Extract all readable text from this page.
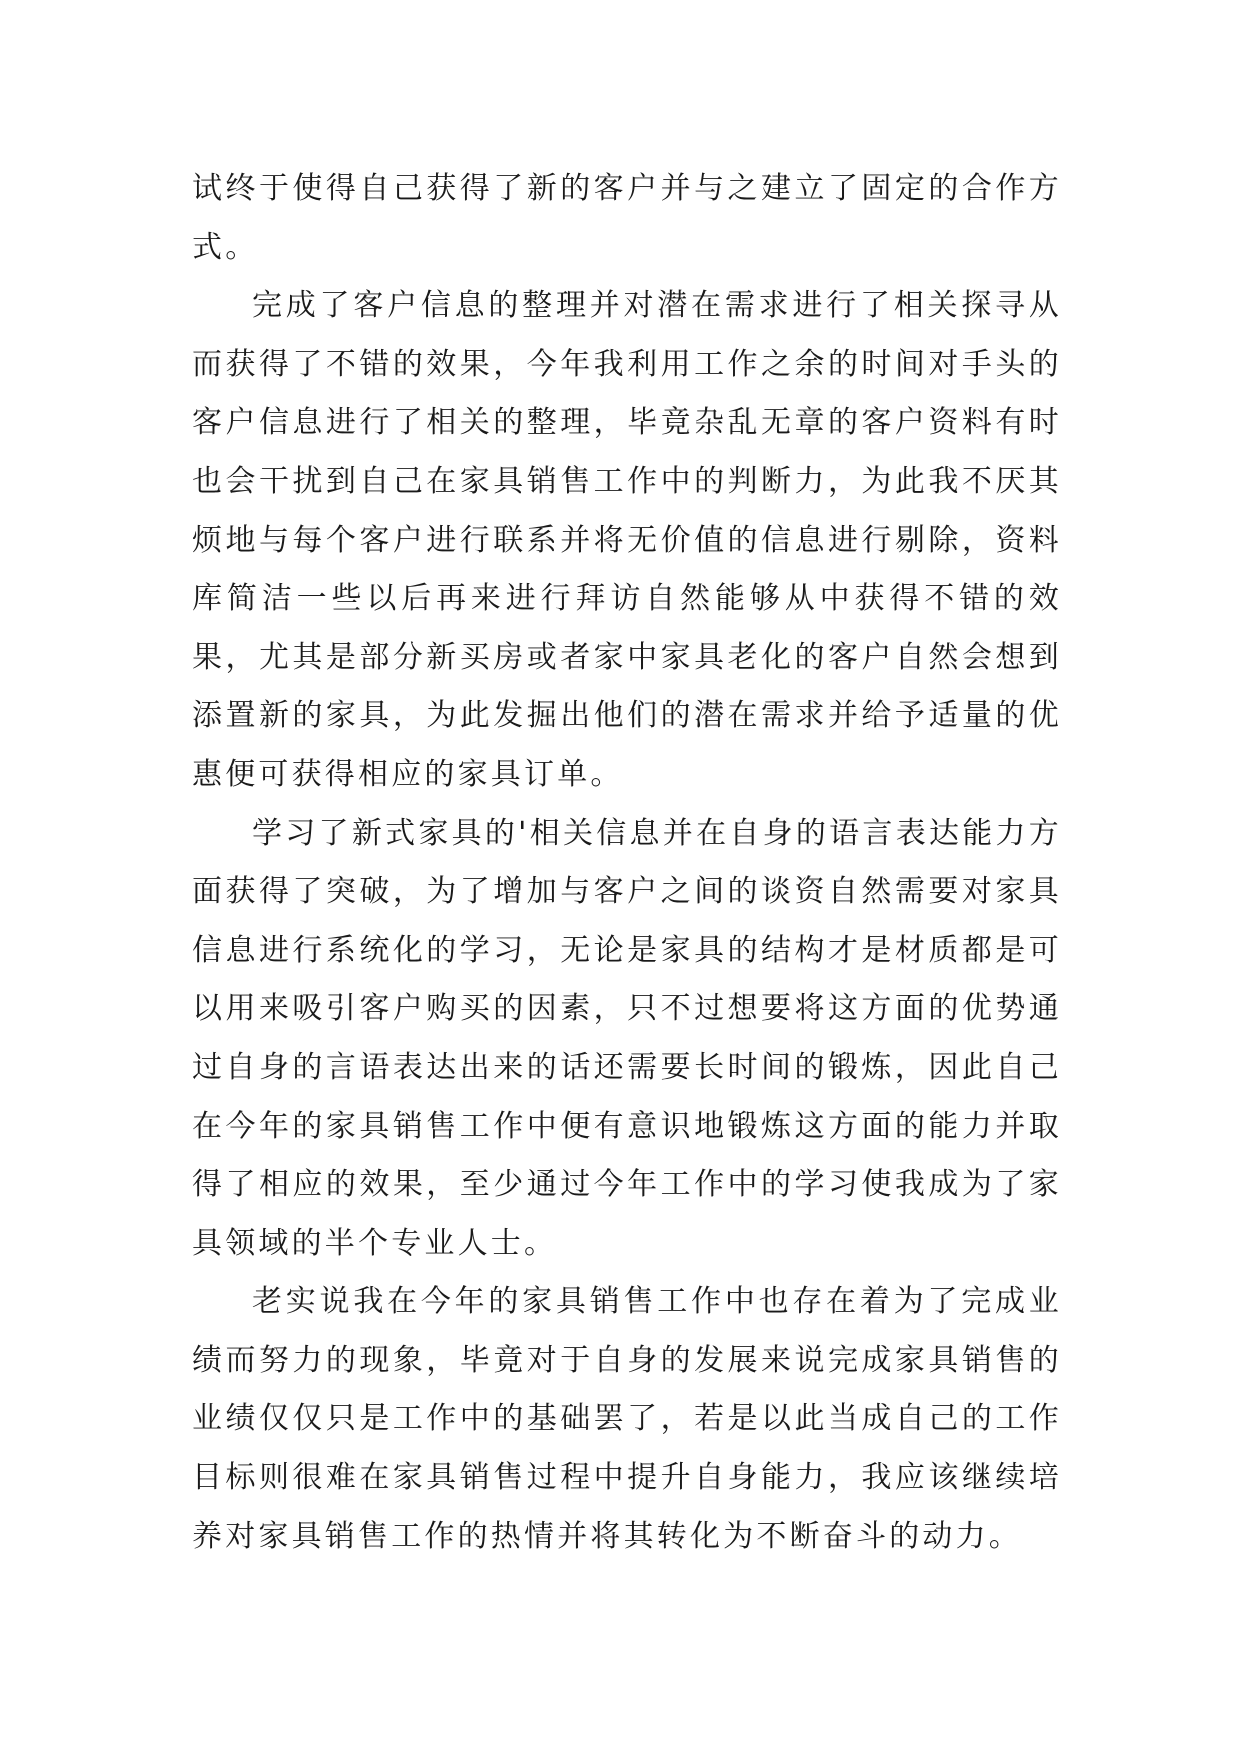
试终于使得自己获得了新的客户并与之建立了固定的合作方式。

完成了客户信息的整理并对潜在需求进行了相关探寻从而获得了不错的效果，今年我利用工作之余的时间对手头的客户信息进行了相关的整理，毕竟杂乱无章的客户资料有时也会干扰到自己在家具销售工作中的判断力，为此我不厌其烦地与每个客户进行联系并将无价值的信息进行剔除，资料库简洁一些以后再来进行拜访自然能够从中获得不错的效果，尤其是部分新买房或者家中家具老化的客户自然会想到添置新的家具，为此发掘出他们的潜在需求并给予适量的优惠便可获得相应的家具订单。

学习了新式家具的'相关信息并在自身的语言表达能力方面获得了突破，为了增加与客户之间的谈资自然需要对家具信息进行系统化的学习，无论是家具的结构才是材质都是可以用来吸引客户购买的因素，只不过想要将这方面的优势通过自身的言语表达出来的话还需要长时间的锻炼，因此自己在今年的家具销售工作中便有意识地锻炼这方面的能力并取得了相应的效果，至少通过今年工作中的学习使我成为了家具领域的半个专业人士。

老实说我在今年的家具销售工作中也存在着为了完成业绩而努力的现象，毕竟对于自身的发展来说完成家具销售的业绩仅仅只是工作中的基础罢了，若是以此当成自己的工作目标则很难在家具销售过程中提升自身能力，我应该继续培养对家具销售工作的热情并将其转化为不断奋斗的动力。
